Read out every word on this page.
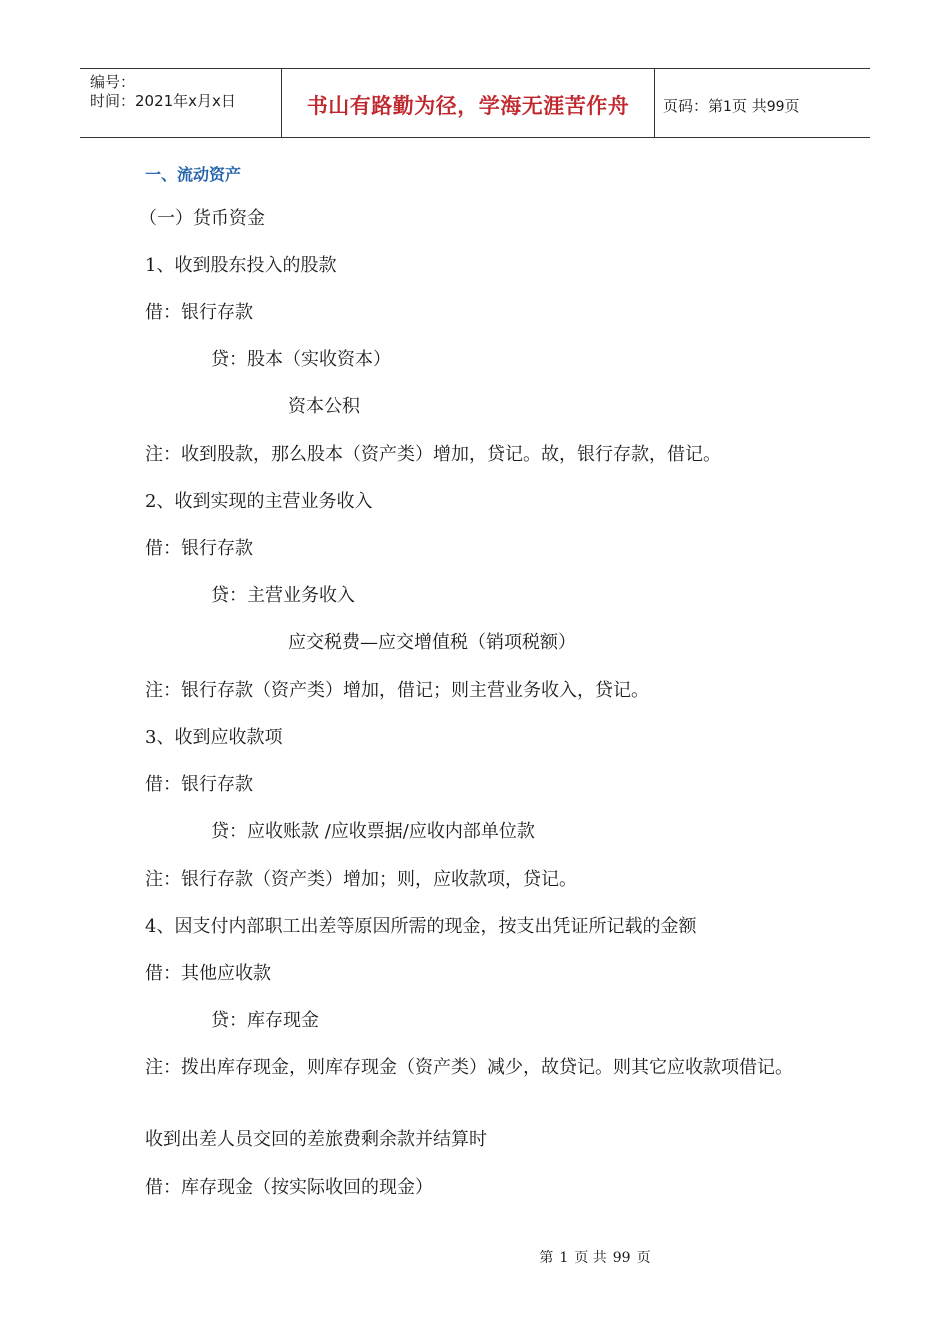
编号：
时间：2021年x月x日	书山有路勤为径，学海无涯苦作舟	页码：第1页 共99页
一、流动资产
（一）货币资金
1、收到股东投入的股款
借：银行存款
贷：股本（实收资本）
资本公积
注：收到股款，那么股本（资产类）增加，贷记。故，银行存款，借记。
2、收到实现的主营业务收入
借：银行存款
贷：主营业务收入
应交税费—应交增值税（销项税额）
注：银行存款（资产类）增加，借记；则主营业务收入，贷记。
3、收到应收款项
借：银行存款
贷：应收账款 /应收票据/应收内部单位款
注：银行存款（资产类）增加；则，应收款项，贷记。
4、因支付内部职工出差等原因所需的现金，按支出凭证所记载的金额
借：其他应收款
贷：库存现金
注：拨出库存现金，则库存现金（资产类）减少，故贷记。则其它应收款项借记。
收到出差人员交回的差旅费剩余款并结算时
借：库存现金（按实际收回的现金）
第 1 页 共 99 页
